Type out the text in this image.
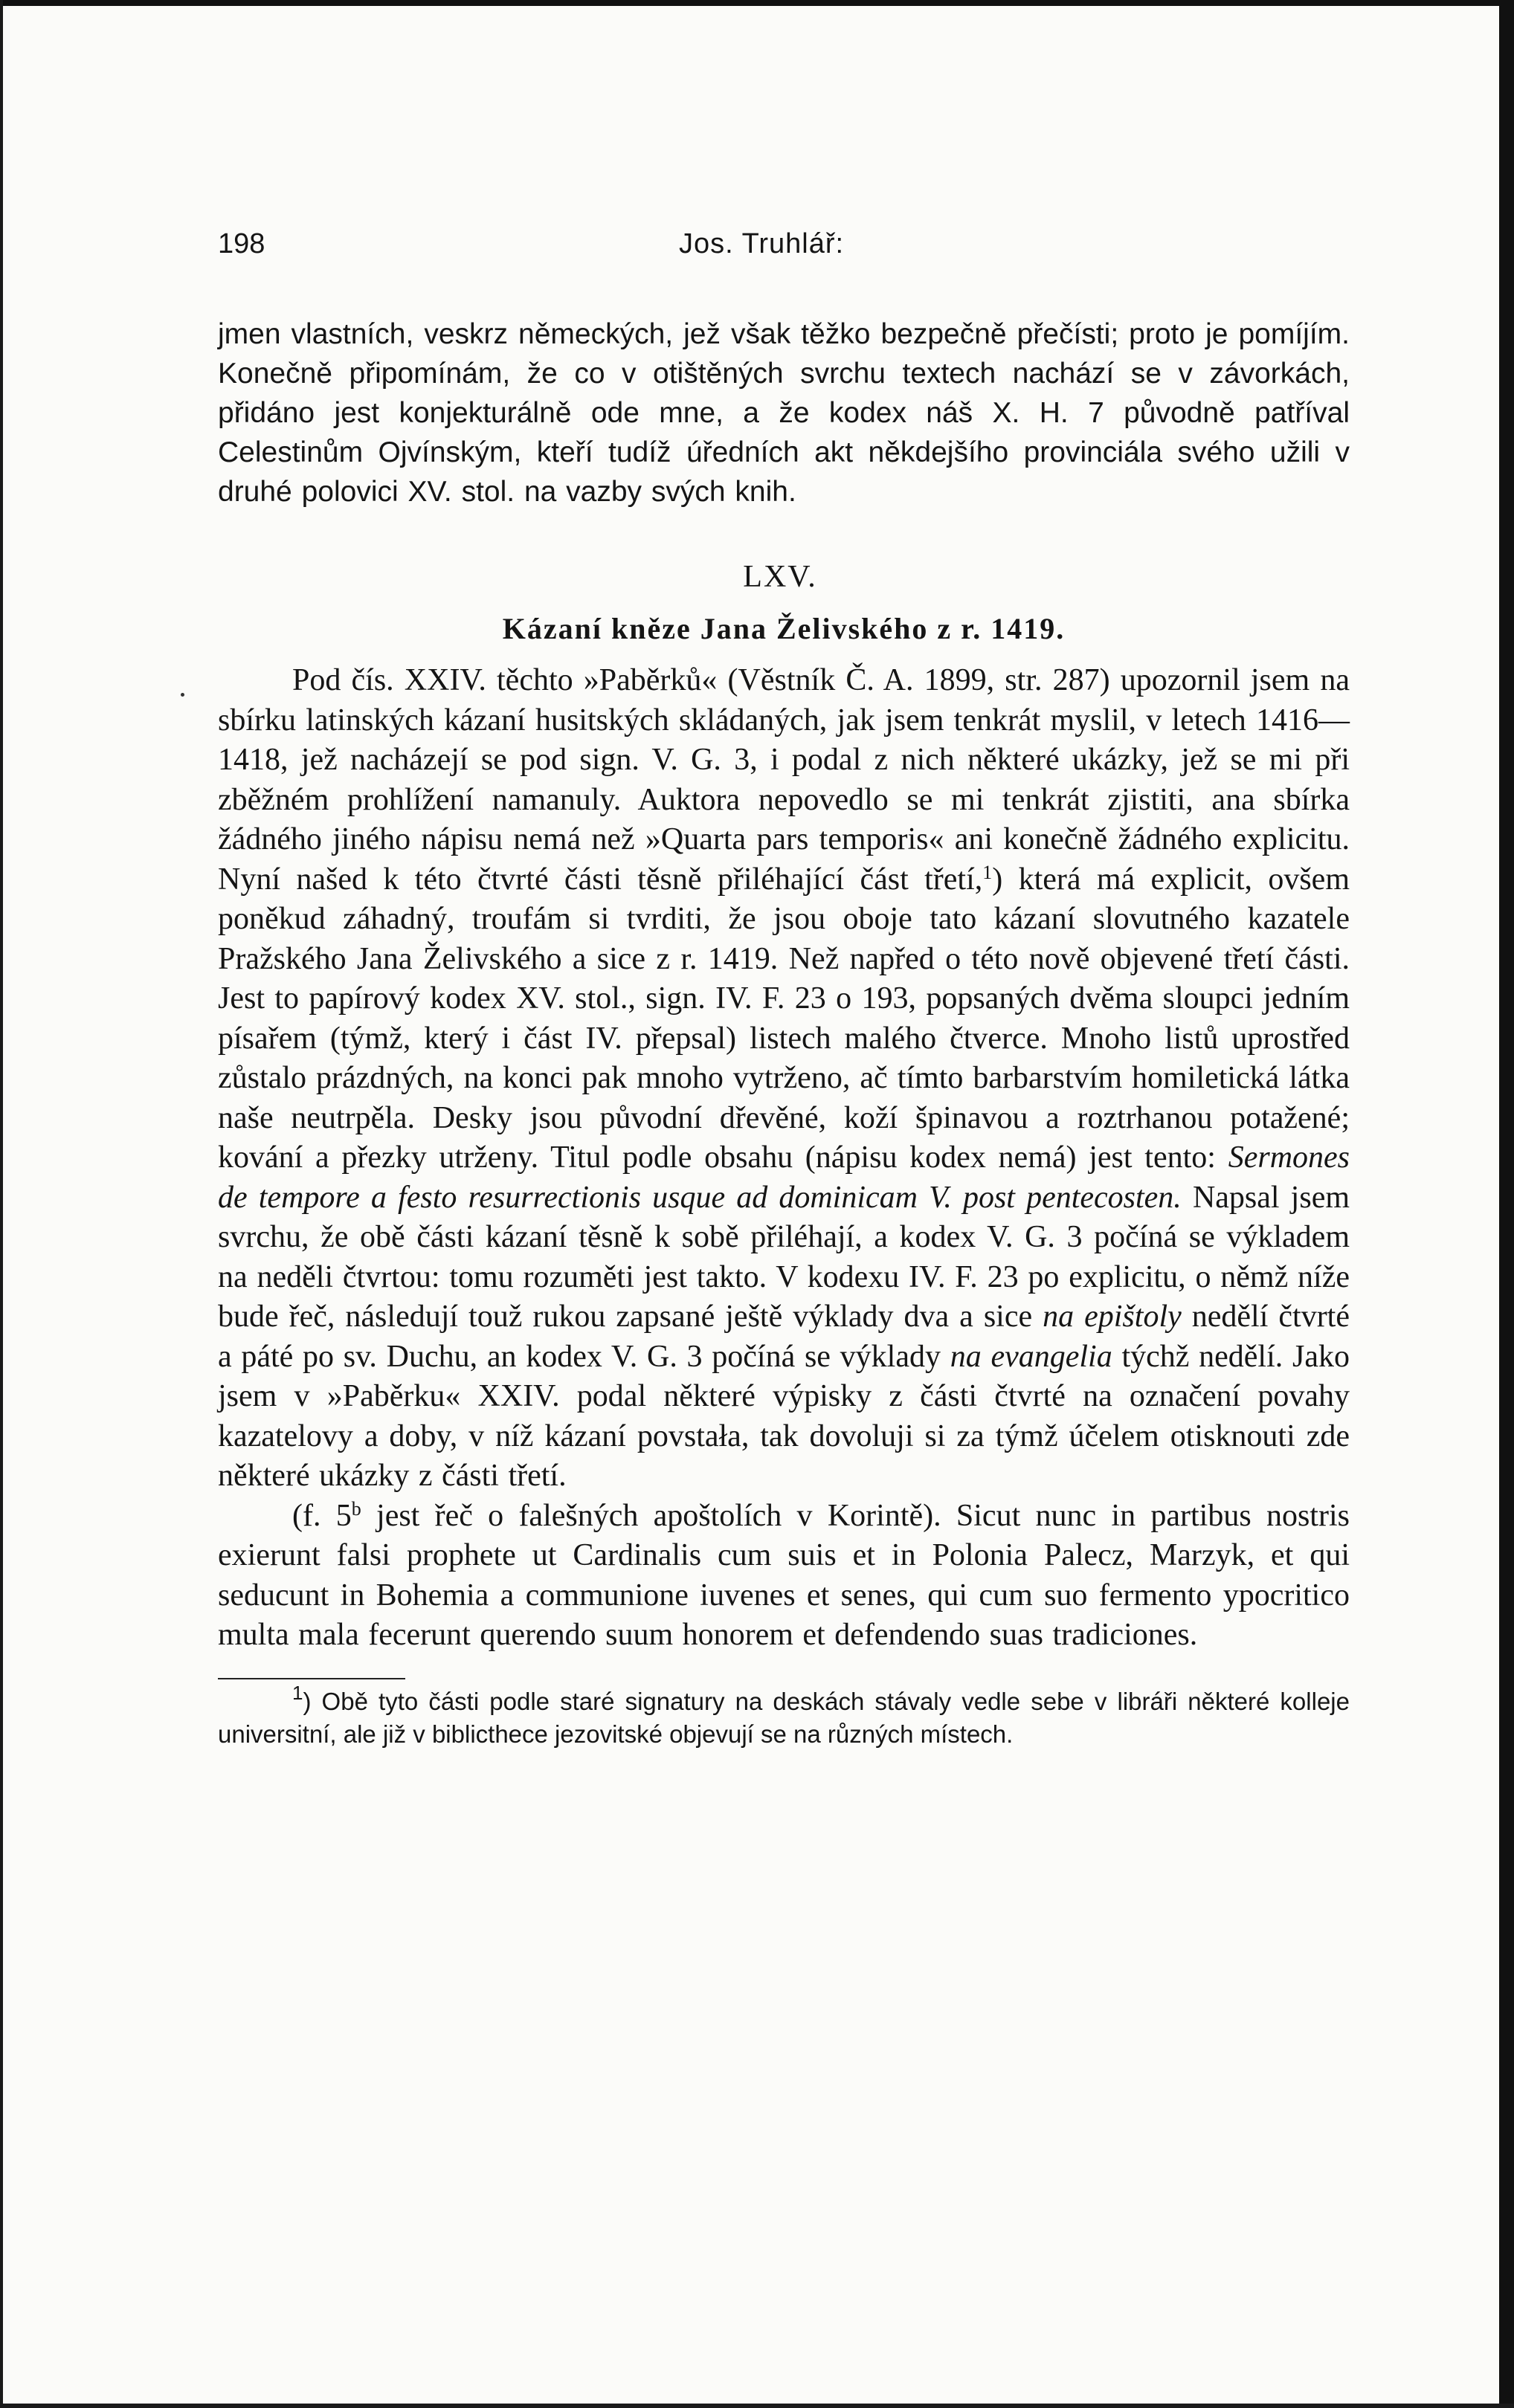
198	Jos. Truhlář:

jmen vlastních, veskrz německých, jež však těžko bezpečně přečísti; proto je pomíjím. Konečně připomínám, že co v otištěných svrchu textech nachází se v závorkách, přidáno jest konjekturálně ode mne, a že kodex náš X. H. 7 původně patříval Celestinům Ojvínským, kteří tudíž úředních akt někdejšího provinciála svého užili v druhé polovici XV. stol. na vazby svých knih.

LXV.
Kázaní kněze Jana Želivského z r. 1419.

Pod čís. XXIV. těchto »Paběrků« (Věstník Č. A. 1899, str. 287) upozornil jsem na sbírku latinských kázaní husitských skládaných, jak jsem tenkrát myslil, v letech 1416—1418, jež nacházejí se pod sign. V. G. 3, i podal z nich některé ukázky, jež se mi při zběžném prohlížení namanuly. Auktora nepovedlo se mi tenkrát zjistiti, ana sbírka žádného jiného nápisu nemá než »Quarta pars temporis« ani konečně žádného explicitu. Nyní našed k této čtvrté části těsně přiléhající část třetí,$^1$) která má explicit, ovšem poněkud záhadný, troufám si tvrditi, že jsou oboje tato kázaní slovutného kazatele Pražského Jana Želivského a sice z r. 1419. Než napřed o této nově objevené třetí části. Jest to papírový kodex XV. stol., sign. IV. F. 23 o 193, popsaných dvěma sloupci jedním písařem (týmž, který i část IV. přepsal) listech malého čtverce. Mnoho listů uprostřed zůstalo prázdných, na konci pak mnoho vytrženo, ač tímto barbarstvím homiletická látka naše neutrpěla. Desky jsou původní dřevěné, koží špinavou a roztrhanou potažené; kování a přezky utrženy. Titul podle obsahu (nápisu kodex nemá) jest tento: Sermones de tempore a festo resurrectionis usque ad dominicam V. post pentecosten. Napsal jsem svrchu, že obě části kázaní těsně k sobě přiléhají, a kodex V. G. 3 počíná se výkladem na neděli čtvrtou: tomu rozuměti jest takto. V kodexu IV. F. 23 po explicitu, o němž níže bude řeč, následují touž rukou zapsané ještě výklady dva a sice na epištoly nedělí čtvrté a páté po sv. Duchu, an kodex V. G. 3 počíná se výklady na evangelia týchž nedělí. Jako jsem v »Paběrku« XXIV. podal některé výpisky z části čtvrté na označení povahy kazatelovy a doby, v níž kázaní povstała, tak dovoluji si za týmž účelem otisknouti zde některé ukázky z části třetí.

(f. 5$^b$ jest řeč o falešných apoštolích v Korintě). Sicut nunc in partibus nostris exierunt falsi prophete ut Cardinalis cum suis et in Polonia Palecz, Marzyk, et qui seducunt in Bohemia a communione iuvenes et senes, qui cum suo fermento ypocritico multa mala fecerunt querendo suum honorem et defendendo suas tradiciones.

$^1$) Obě tyto části podle staré signatury na deskách stávaly vedle sebe v libráři některé kolleje universitní, ale již v biblicthece jezovitské objevují se na různých místech.
